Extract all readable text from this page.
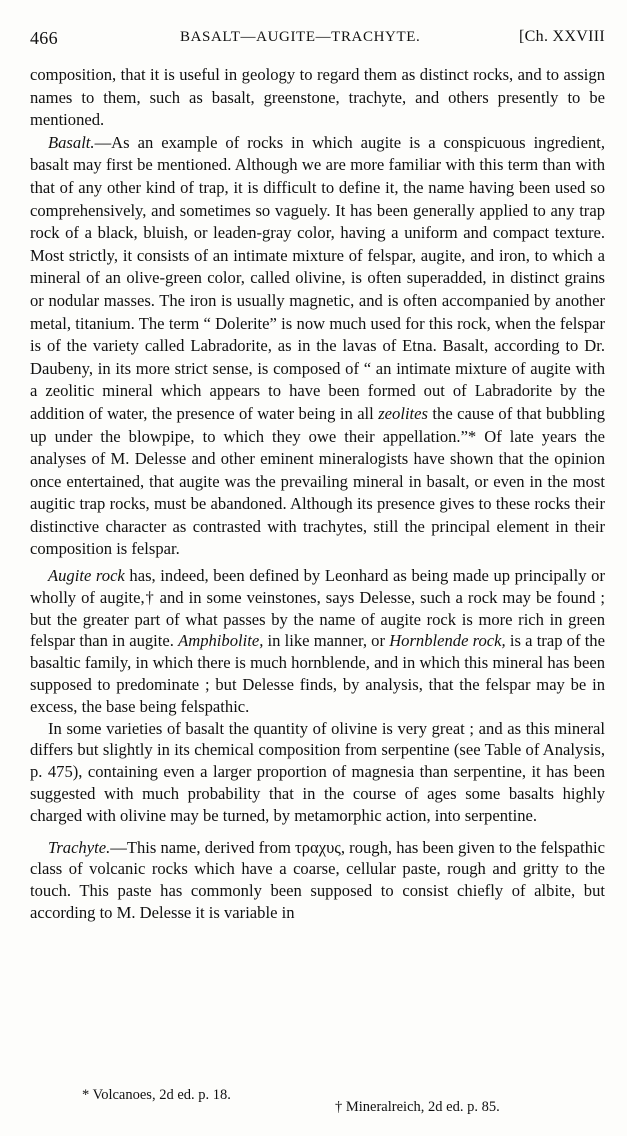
466	BASALT—AUGITE—TRACHYTE.	[Ch. XXVIII

composition, that it is useful in geology to regard them as distinct rocks, and to assign names to them, such as basalt, greenstone, trachyte, and others presently to be mentioned.

Basalt.—As an example of rocks in which augite is a conspicuous ingredient, basalt may first be mentioned. Although we are more familiar with this term than with that of any other kind of trap, it is difficult to define it, the name having been used so comprehensively, and sometimes so vaguely. It has been generally applied to any trap rock of a black, bluish, or leaden-gray color, having a uniform and compact texture. Most strictly, it consists of an intimate mixture of felspar, augite, and iron, to which a mineral of an olive-green color, called olivine, is often superadded, in distinct grains or nodular masses. The iron is usually magnetic, and is often accompanied by another metal, titanium. The term “ Dolerite” is now much used for this rock, when the felspar is of the variety called Labradorite, as in the lavas of Etna. Basalt, according to Dr. Daubeny, in its more strict sense, is composed of “ an intimate mixture of augite with a zeolitic mineral which appears to have been formed out of Labradorite by the addition of water, the presence of water being in all zeolites the cause of that bubbling up under the blowpipe, to which they owe their appellation.”* Of late years the analyses of M. Delesse and other eminent mineralogists have shown that the opinion once entertained, that augite was the prevailing mineral in basalt, or even in the most augitic trap rocks, must be abandoned. Although its presence gives to these rocks their distinctive character as contrasted with trachytes, still the principal element in their composition is felspar.

Augite rock has, indeed, been defined by Leonhard as being made up principally or wholly of augite,† and in some veinstones, says Delesse, such a rock may be found ; but the greater part of what passes by the name of augite rock is more rich in green felspar than in augite. Amphibolite, in like manner, or Hornblende rock, is a trap of the basaltic family, in which there is much hornblende, and in which this mineral has been supposed to predominate ; but Delesse finds, by analysis, that the felspar may be in excess, the base being felspathic.

In some varieties of basalt the quantity of olivine is very great ; and as this mineral differs but slightly in its chemical composition from serpentine (see Table of Analysis, p. 475), containing even a larger proportion of magnesia than serpentine, it has been suggested with much probability that in the course of ages some basalts highly charged with olivine may be turned, by metamorphic action, into serpentine.

Trachyte.—This name, derived from τραχυς, rough, has been given to the felspathic class of volcanic rocks which have a coarse, cellular paste, rough and gritty to the touch. This paste has commonly been supposed to consist chiefly of albite, but according to M. Delesse it is variable in

* Volcanoes, 2d ed. p. 18.
† Mineralreich, 2d ed. p. 85.
